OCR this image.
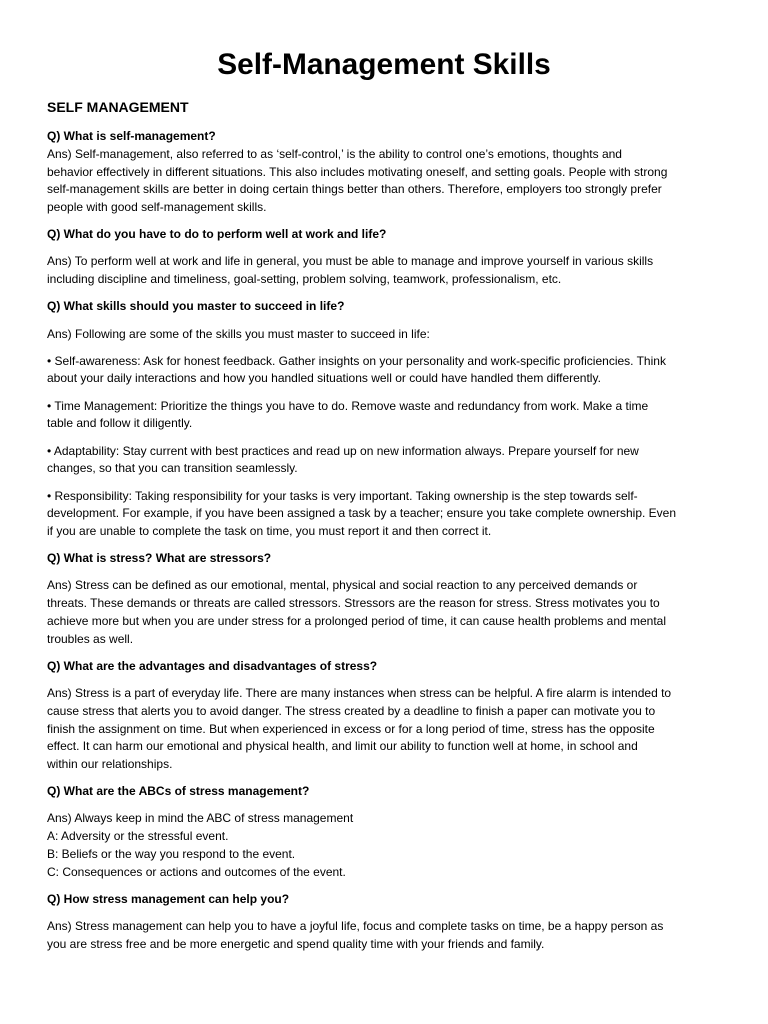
Self-Management Skills
SELF MANAGEMENT
Q) What is self-management?
Ans) Self-management, also referred to as ‘self-control,’ is the ability to control one’s emotions, thoughts and
behavior effectively in different situations. This also includes motivating oneself, and setting goals. People with strong
self-management skills are better in doing certain things better than others. Therefore, employers too strongly prefer
people with good self-management skills.
Q) What do you have to do to perform well at work and life?
Ans) To perform well at work and life in general, you must be able to manage and improve yourself in various skills
including discipline and timeliness, goal-setting, problem solving, teamwork, professionalism, etc.
Q) What skills should you master to succeed in life?
Ans) Following are some of the skills you must master to succeed in life:
• Self-awareness: Ask for honest feedback. Gather insights on your personality and work-specific proficiencies. Think
about your daily interactions and how you handled situations well or could have handled them differently.
• Time Management: Prioritize the things you have to do. Remove waste and redundancy from work. Make a time
table and follow it diligently.
• Adaptability: Stay current with best practices and read up on new information always. Prepare yourself for new
changes, so that you can transition seamlessly.
• Responsibility: Taking responsibility for your tasks is very important. Taking ownership is the step towards self-
development. For example, if you have been assigned a task by a teacher; ensure you take complete ownership. Even
if you are unable to complete the task on time, you must report it and then correct it.
Q) What is stress? What are stressors?
Ans) Stress can be defined as our emotional, mental, physical and social reaction to any perceived demands or
threats. These demands or threats are called stressors. Stressors are the reason for stress. Stress motivates you to
achieve more but when you are under stress for a prolonged period of time, it can cause health problems and mental
troubles as well.
Q) What are the advantages and disadvantages of stress?
Ans) Stress is a part of everyday life. There are many instances when stress can be helpful. A fire alarm is intended to
cause stress that alerts you to avoid danger. The stress created by a deadline to finish a paper can motivate you to
finish the assignment on time. But when experienced in excess or for a long period of time, stress has the opposite
effect. It can harm our emotional and physical health, and limit our ability to function well at home, in school and
within our relationships.
Q) What are the ABCs of stress management?
Ans) Always keep in mind the ABC of stress management
A: Adversity or the stressful event.
B: Beliefs or the way you respond to the event.
C: Consequences or actions and outcomes of the event.
Q) How stress management can help you?
Ans) Stress management can help you to have a joyful life, focus and complete tasks on time, be a happy person as
you are stress free and be more energetic and spend quality time with your friends and family.
